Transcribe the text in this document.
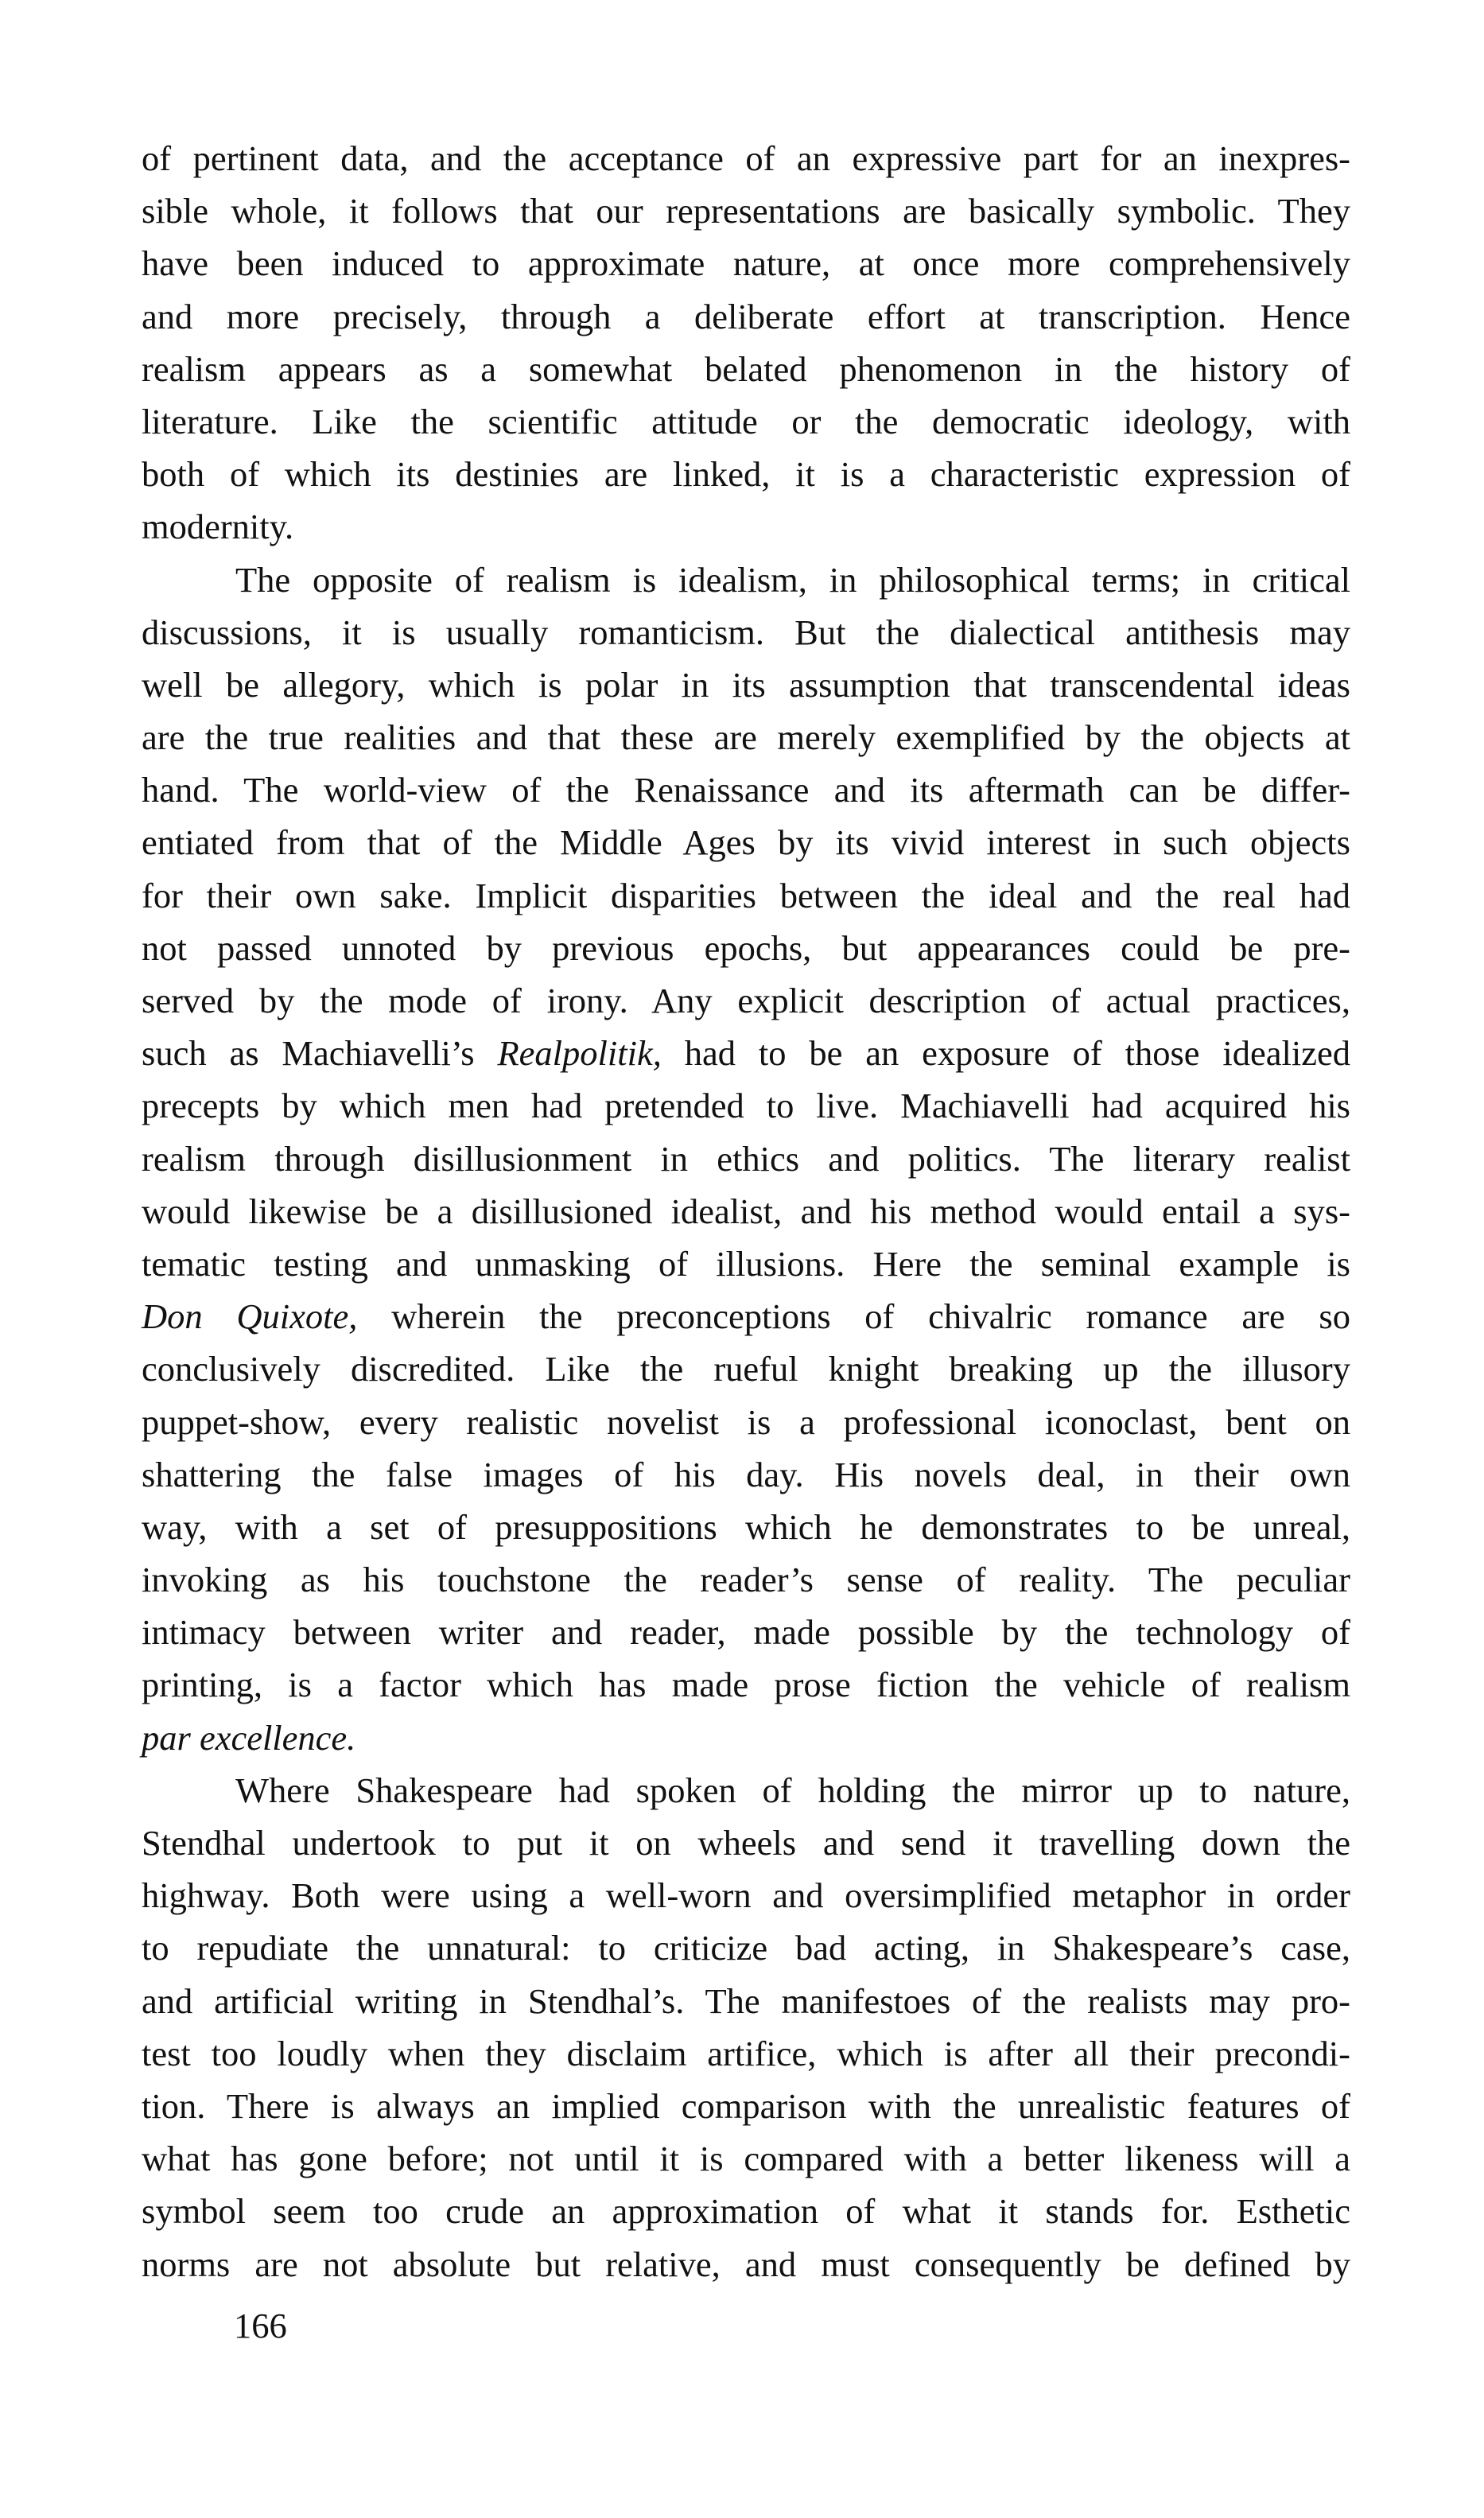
of pertinent data, and the acceptance of an expressive part for an inexpres-
sible whole, it follows that our representations are basically symbolic. They
have been induced to approximate nature, at once more comprehensively
and more precisely, through a deliberate effort at transcription. Hence
realism appears as a somewhat belated phenomenon in the history of
literature. Like the scientific attitude or the democratic ideology, with
both of which its destinies are linked, it is a characteristic expression of
modernity.
The opposite of realism is idealism, in philosophical terms; in critical
discussions, it is usually romanticism. But the dialectical antithesis may
well be allegory, which is polar in its assumption that transcendental ideas
are the true realities and that these are merely exemplified by the objects at
hand. The world-view of the Renaissance and its aftermath can be differ-
entiated from that of the Middle Ages by its vivid interest in such objects
for their own sake. Implicit disparities between the ideal and the real had
not passed unnoted by previous epochs, but appearances could be pre-
served by the mode of irony. Any explicit description of actual practices,
such as Machiavelli’s Realpolitik, had to be an exposure of those idealized
precepts by which men had pretended to live. Machiavelli had acquired his
realism through disillusionment in ethics and politics. The literary realist
would likewise be a disillusioned idealist, and his method would entail a sys-
tematic testing and unmasking of illusions. Here the seminal example is
Don Quixote, wherein the preconceptions of chivalric romance are so
conclusively discredited. Like the rueful knight breaking up the illusory
puppet-show, every realistic novelist is a professional iconoclast, bent on
shattering the false images of his day. His novels deal, in their own
way, with a set of presuppositions which he demonstrates to be unreal,
invoking as his touchstone the reader’s sense of reality. The peculiar
intimacy between writer and reader, made possible by the technology of
printing, is a factor which has made prose fiction the vehicle of realism
par excellence.
Where Shakespeare had spoken of holding the mirror up to nature,
Stendhal undertook to put it on wheels and send it travelling down the
highway. Both were using a well-worn and oversimplified metaphor in order
to repudiate the unnatural: to criticize bad acting, in Shakespeare’s case,
and artificial writing in Stendhal’s. The manifestoes of the realists may pro-
test too loudly when they disclaim artifice, which is after all their precondi-
tion. There is always an implied comparison with the unrealistic features of
what has gone before; not until it is compared with a better likeness will a
symbol seem too crude an approximation of what it stands for. Esthetic
norms are not absolute but relative, and must consequently be defined by
166
